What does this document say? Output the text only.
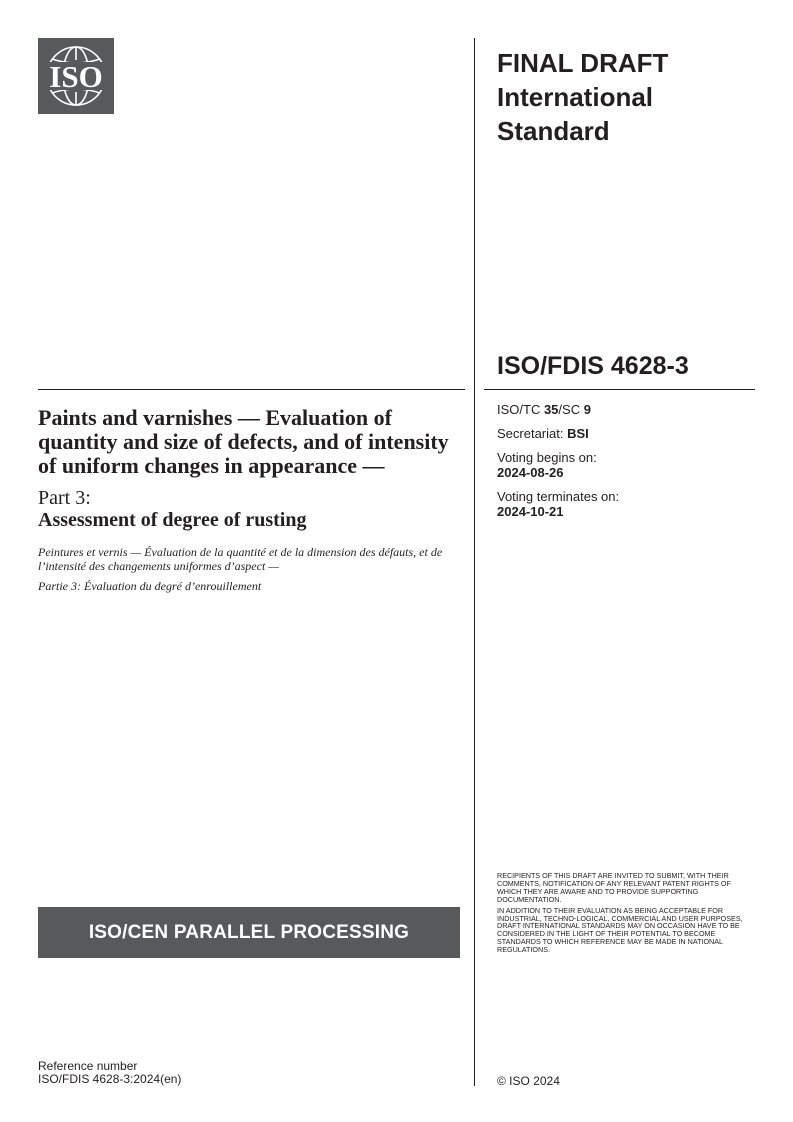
ISO	FINAL DRAFT
International
Standard
ISO/FDIS 4628-3
ISO/TC 35/SC 9
Secretariat: BSI
Voting begins on:
2024-08-26
Voting terminates on:
2024-10-21
Paints and varnishes — Evaluation of quantity and size of defects, and of intensity of uniform changes in appearance —
Part 3:
Assessment of degree of rusting
Peintures et vernis — Évaluation de la quantité et de la dimension des défauts, et de l’intensité des changements uniformes d’aspect —
Partie 3: Évaluation du degré d’enrouillement
ISO/CEN PARALLEL PROCESSING

RECIPIENTS OF THIS DRAFT ARE INVITED TO SUBMIT, WITH THEIR COMMENTS, NOTIFICATION OF ANY RELEVANT PATENT RIGHTS OF WHICH THEY ARE AWARE AND TO PROVIDE SUPPORTING DOCUMENTATION.

IN ADDITION TO THEIR EVALUATION AS BEING ACCEPTABLE FOR INDUSTRIAL, TECHNO-LOGICAL, COMMERCIAL AND USER PURPOSES, DRAFT INTERNATIONAL STANDARDS MAY ON OCCASION HAVE TO BE CONSIDERED IN THE LIGHT OF THEIR POTENTIAL TO BECOME STANDARDS TO WHICH REFERENCE MAY BE MADE IN NATIONAL REGULATIONS.

Reference number
ISO/FDIS 4628-3:2024(en)	© ISO 2024
